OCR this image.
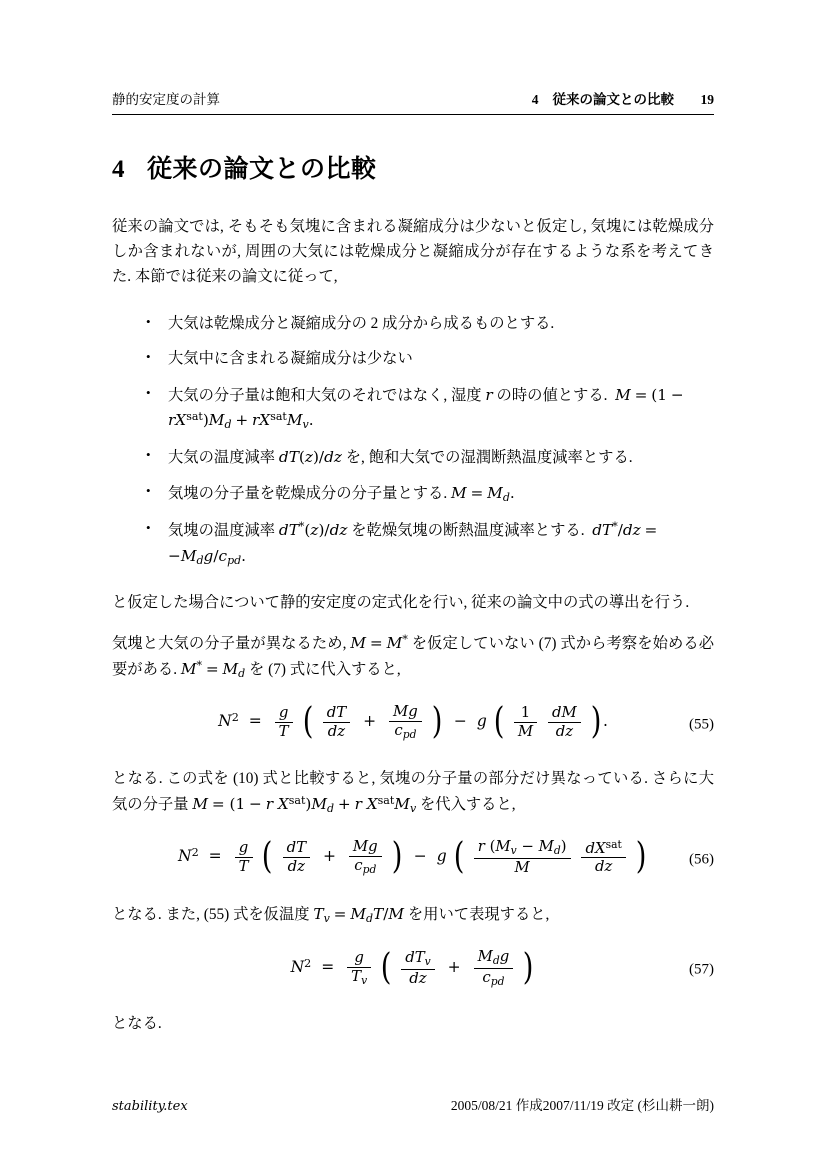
静的安定度の計算	4 従来の論文との比較	19
4 従来の論文との比較

従来の論文では, そもそも気塊に含まれる凝縮成分は少ないと仮定し, 気塊には乾燥成分しか含まれないが, 周囲の大気には乾燥成分と凝縮成分が存在するような系を考えてきた. 本節では従来の論文に従って,

• 大気は乾燥成分と凝縮成分の 2 成分から成るものとする.
• 大気中に含まれる凝縮成分は少ない
• 大気の分子量は飽和大気のそれではなく, 湿度 r の時の値とする.  $M = (1 - rX^{sat})M_d + rX^{sat}M_v$.
• 大気の温度減率 dT(z)/dz を, 飽和大気での湿潤断熱温度減率とする.
• 気塊の分子量を乾燥成分の分子量とする. $M = M_d$.
• 気塊の温度減率 dT*(z)/dz を乾燥気塊の断熱温度減率とする.  $dT^*/dz = -M_dg/c_{pd}$.

と仮定した場合について静的安定度の定式化を行い, 従来の論文中の式の導出を行う.

気塊と大気の分子量が異なるため, M = M* を仮定していない (7) 式から考察を始める必要がある. $M^* = M_d$ を (7) 式に代入すると,

$N^2 = \frac{g}{T}$ ( $\frac{dT}{dz} + \frac{Mg}{c_{pd}}$ ) − g ( $\frac{1}{M}$
$\frac{dM}{dz}$ ) .	(55)

となる. この式を (10) 式と比較すると, 気塊の分子量の部分だけ異なっている. さらに大気の分子量 M = (1 − r $X^{sat})M_d + r$ $X^{sat}M_v$ を代入すると,

$N^2 = \frac{g}{T}$ ( $\frac{dT}{dz} + \frac{Mg}{c_{pd}}$ ) − g ( $\frac{r (M_v - M_d)}{M}$
$\frac{dX^{sat}}{dz}$ )	(56)

となる. また, (55) 式を仮温度 $T_v = M_dT/M$ を用いて表現すると,

$N^2 = \frac{g}{T_v}$ ( $\frac{dT_v}{dz} + \frac{M_dg}{c_{pd}}$ )	(57)

となる.

stability.tex	2005/08/21 作成2007/11/19 改定 (杉山耕一朗)
